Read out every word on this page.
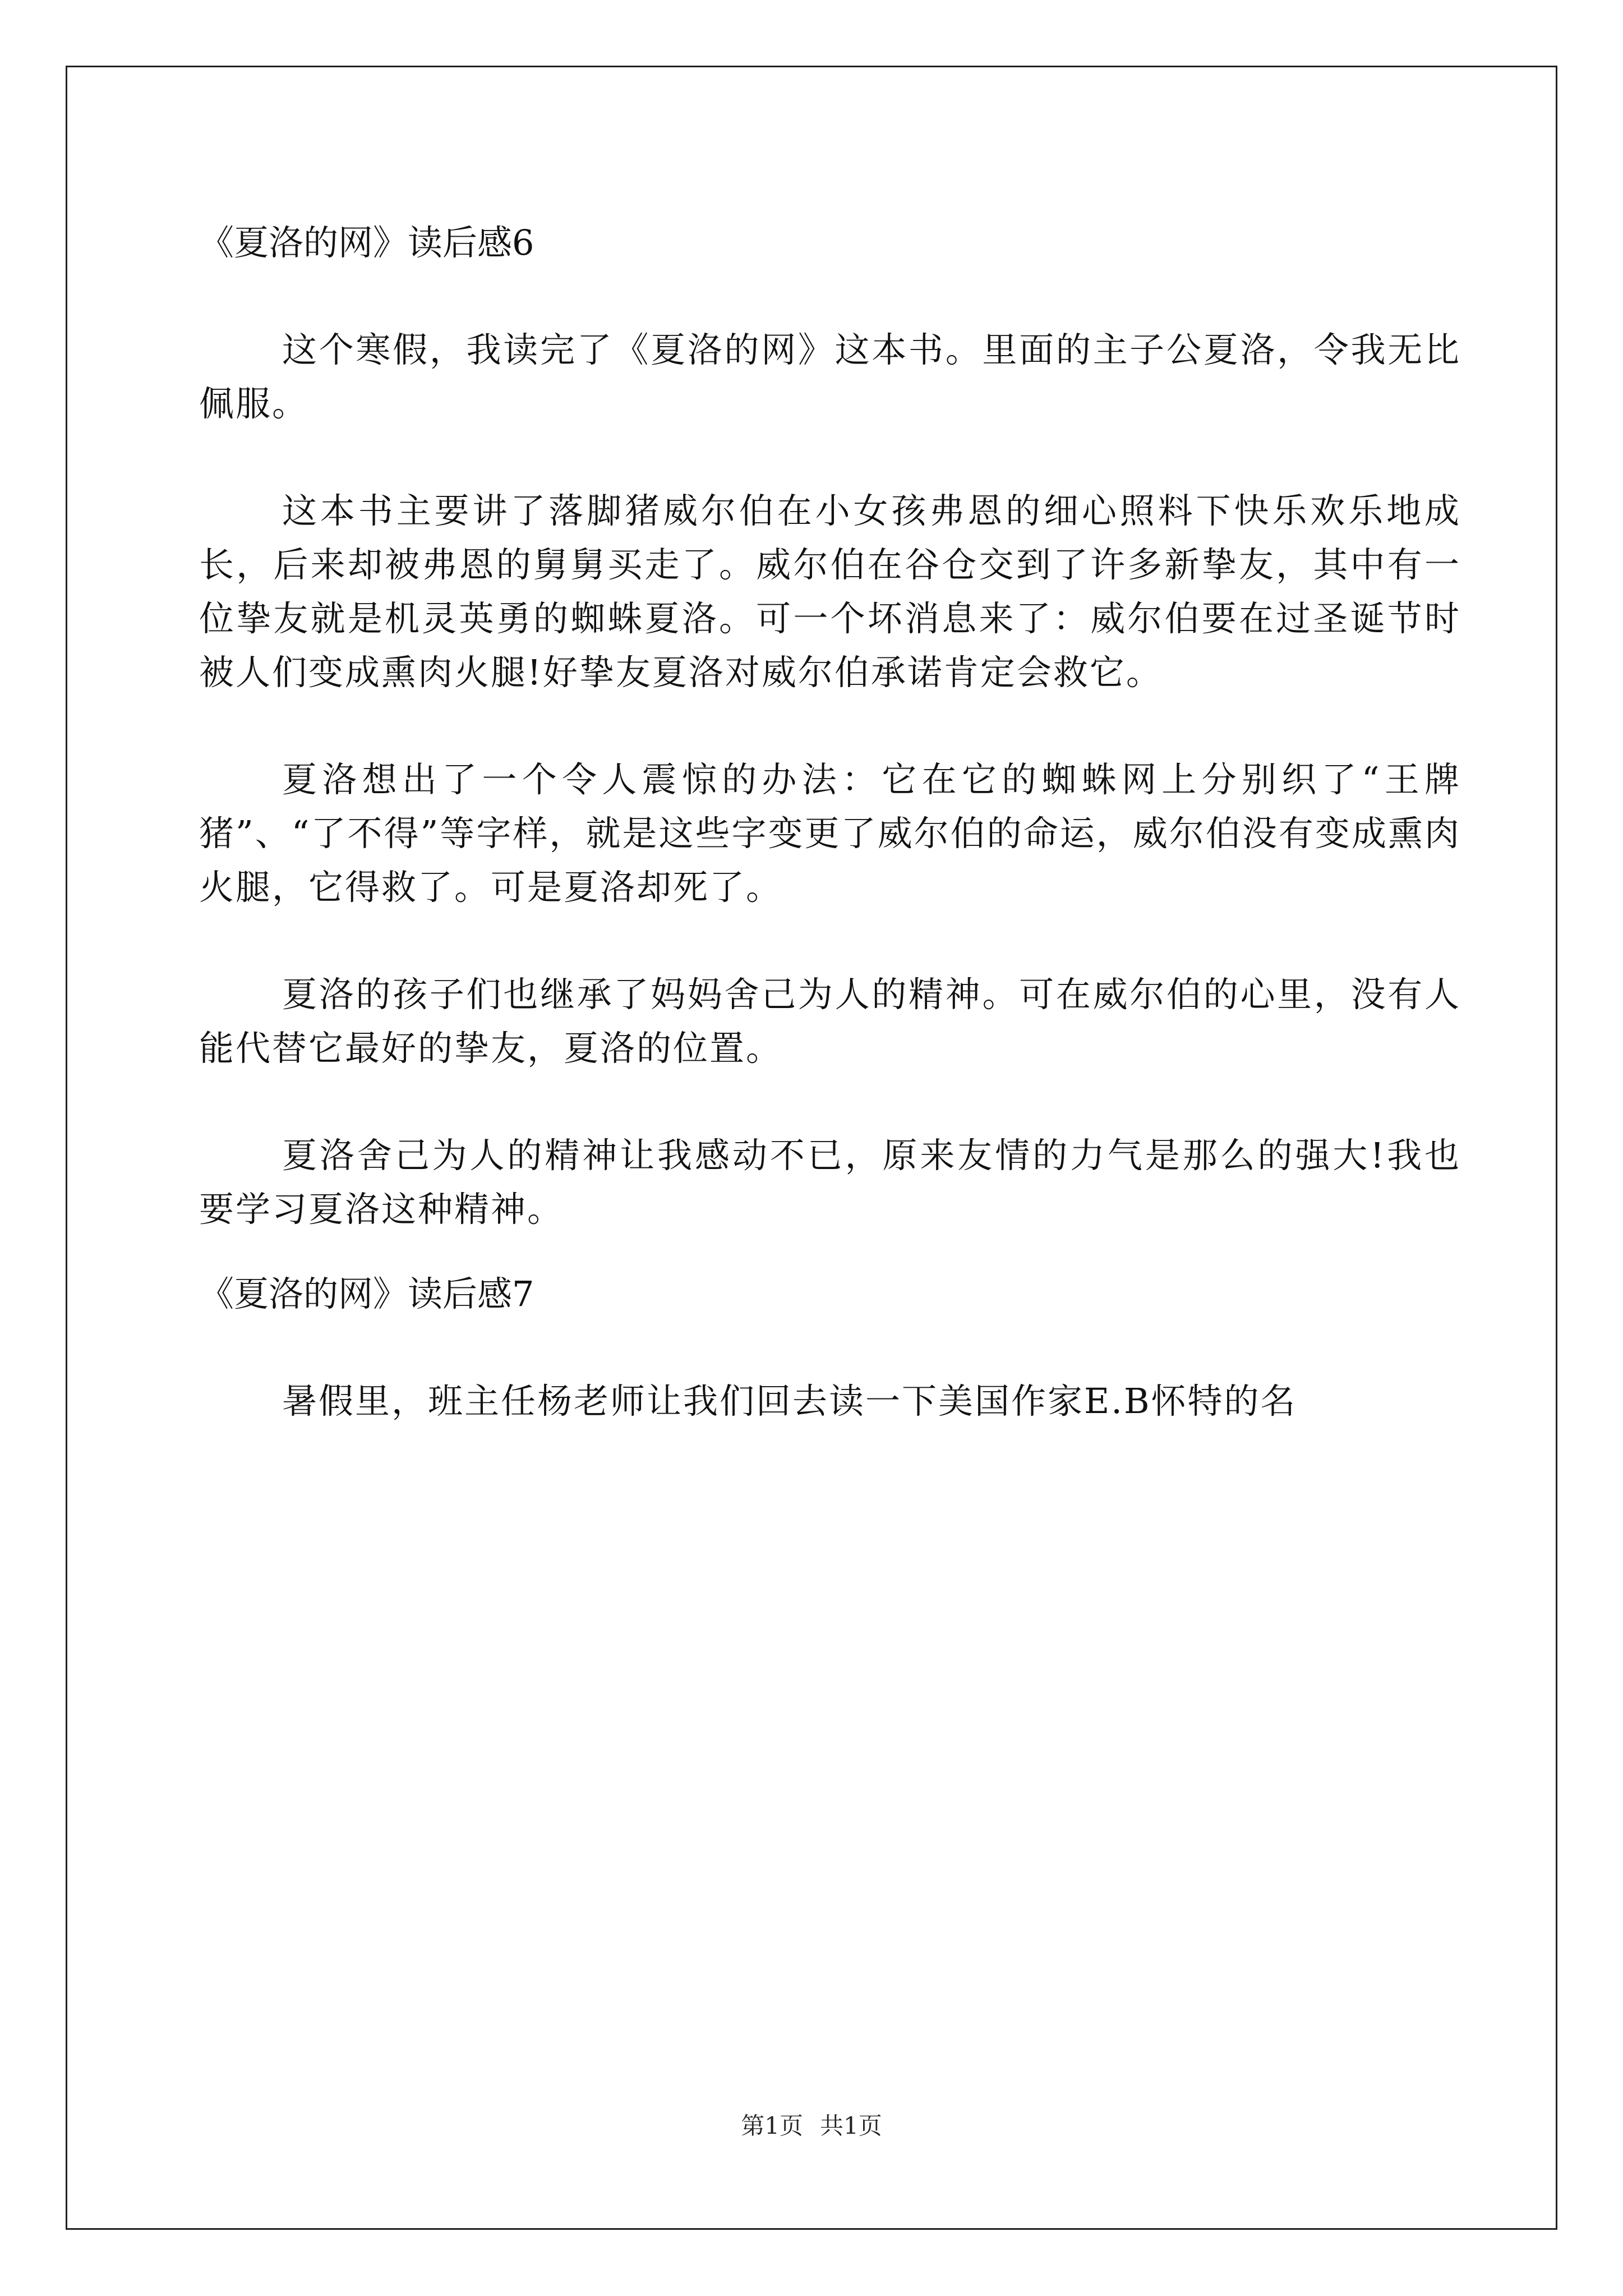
《夏洛的网》读后感6

这个寒假，我读完了《夏洛的网》这本书。里面的主子公夏洛，令我无比佩服。

这本书主要讲了落脚猪威尔伯在小女孩弗恩的细心照料下快乐欢乐地成长，后来却被弗恩的舅舅买走了。威尔伯在谷仓交到了许多新挚友，其中有一位挚友就是机灵英勇的蜘蛛夏洛。可一个坏消息来了：威尔伯要在过圣诞节时被人们变成熏肉火腿!好挚友夏洛对威尔伯承诺肯定会救它。

夏洛想出了一个令人震惊的办法：它在它的蜘蛛网上分别织了“王牌猪”、“了不得”等字样，就是这些字变更了威尔伯的命运，威尔伯没有变成熏肉火腿，它得救了。可是夏洛却死了。

夏洛的孩子们也继承了妈妈舍己为人的精神。可在威尔伯的心里，没有人能代替它最好的挚友，夏洛的位置。

夏洛舍己为人的精神让我感动不已，原来友情的力气是那么的强大!我也要学习夏洛这种精神。

《夏洛的网》读后感7

暑假里，班主任杨老师让我们回去读一下美国作家E.B怀特的名

第1页 共1页
